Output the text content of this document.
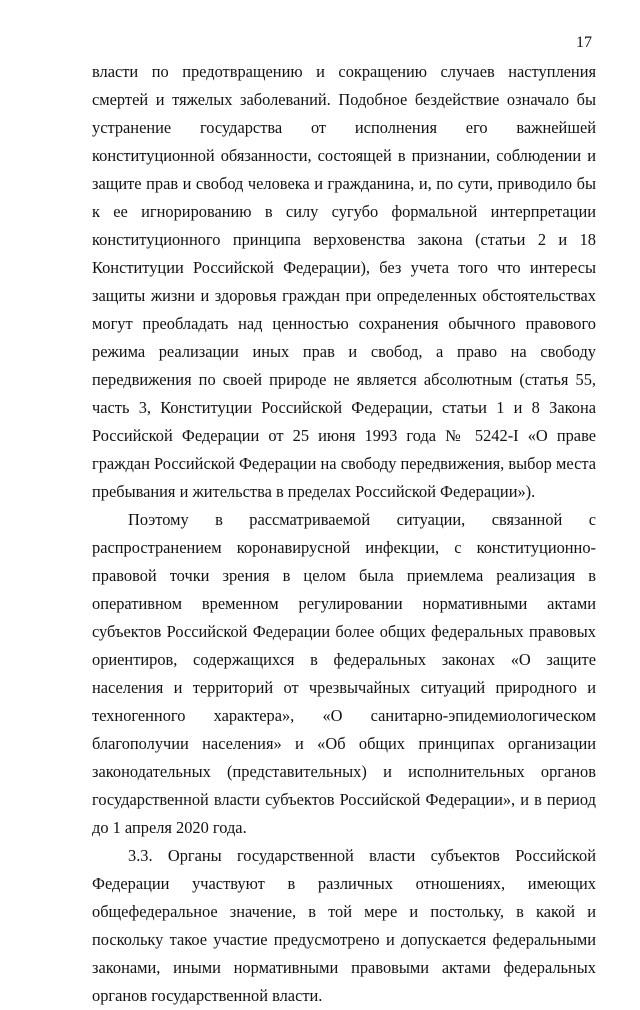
17

власти по предотвращению и сокращению случаев наступления смертей и тяжелых заболеваний. Подобное бездействие означало бы устранение государства от исполнения его важнейшей конституционной обязанности, состоящей в признании, соблюдении и защите прав и свобод человека и гражданина, и, по сути, приводило бы к ее игнорированию в силу сугубо формальной интерпретации конституционного принципа верховенства закона (статьи 2 и 18 Конституции Российской Федерации), без учета того что интересы защиты жизни и здоровья граждан при определенных обстоятельствах могут преобладать над ценностью сохранения обычного правового режима реализации иных прав и свобод, а право на свободу передвижения по своей природе не является абсолютным (статья 55, часть 3, Конституции Российской Федерации, статьи 1 и 8 Закона Российской Федерации от 25 июня 1993 года № 5242-I «О праве граждан Российской Федерации на свободу передвижения, выбор места пребывания и жительства в пределах Российской Федерации»).

Поэтому в рассматриваемой ситуации, связанной с распространением коронавирусной инфекции, с конституционно-правовой точки зрения в целом была приемлема реализация в оперативном временном регулировании нормативными актами субъектов Российской Федерации более общих федеральных правовых ориентиров, содержащихся в федеральных законах «О защите населения и территорий от чрезвычайных ситуаций природного и техногенного характера», «О санитарно-эпидемиологическом благополучии населения» и «Об общих принципах организации законодательных (представительных) и исполнительных органов государственной власти субъектов Российской Федерации», и в период до 1 апреля 2020 года.

3.3. Органы государственной власти субъектов Российской Федерации участвуют в различных отношениях, имеющих общефедеральное значение, в той мере и постольку, в какой и поскольку такое участие предусмотрено и допускается федеральными законами, иными нормативными правовыми актами федеральных органов государственной власти.
